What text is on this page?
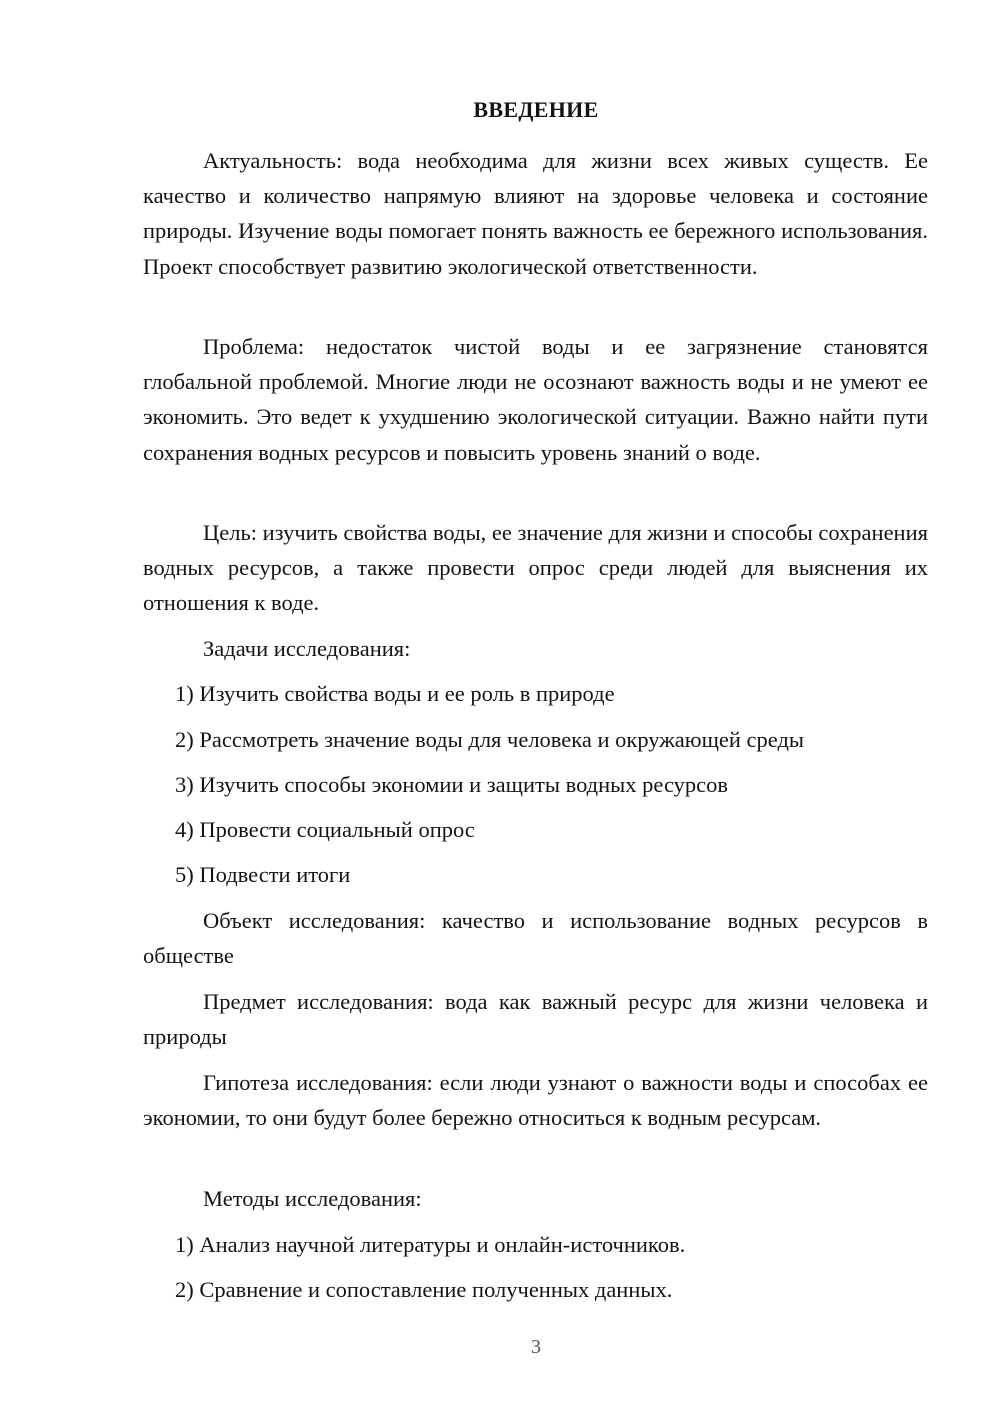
ВВЕДЕНИЕ
Актуальность: вода необходима для жизни всех живых существ. Ее качество и количество напрямую влияют на здоровье человека и состояние природы. Изучение воды помогает понять важность ее бережного использования. Проект способствует развитию экологической ответственности.
Проблема: недостаток чистой воды и ее загрязнение становятся глобальной проблемой. Многие люди не осознают важность воды и не умеют ее экономить. Это ведет к ухудшению экологической ситуации. Важно найти пути сохранения водных ресурсов и повысить уровень знаний о воде.
Цель: изучить свойства воды, ее значение для жизни и способы сохранения водных ресурсов, а также провести опрос среди людей для выяснения их отношения к воде.
Задачи исследования:
1) Изучить свойства воды и ее роль в природе
2) Рассмотреть значение воды для человека и окружающей среды
3) Изучить способы экономии и защиты водных ресурсов
4) Провести социальный опрос
5) Подвести итоги
Объект исследования: качество и использование водных ресурсов в обществе
Предмет исследования: вода как важный ресурс для жизни человека и природы
Гипотеза исследования: если люди узнают о важности воды и способах ее экономии, то они будут более бережно относиться к водным ресурсам.
Методы исследования:
1) Анализ научной литературы и онлайн-источников.
2) Сравнение и сопоставление полученных данных.
3
